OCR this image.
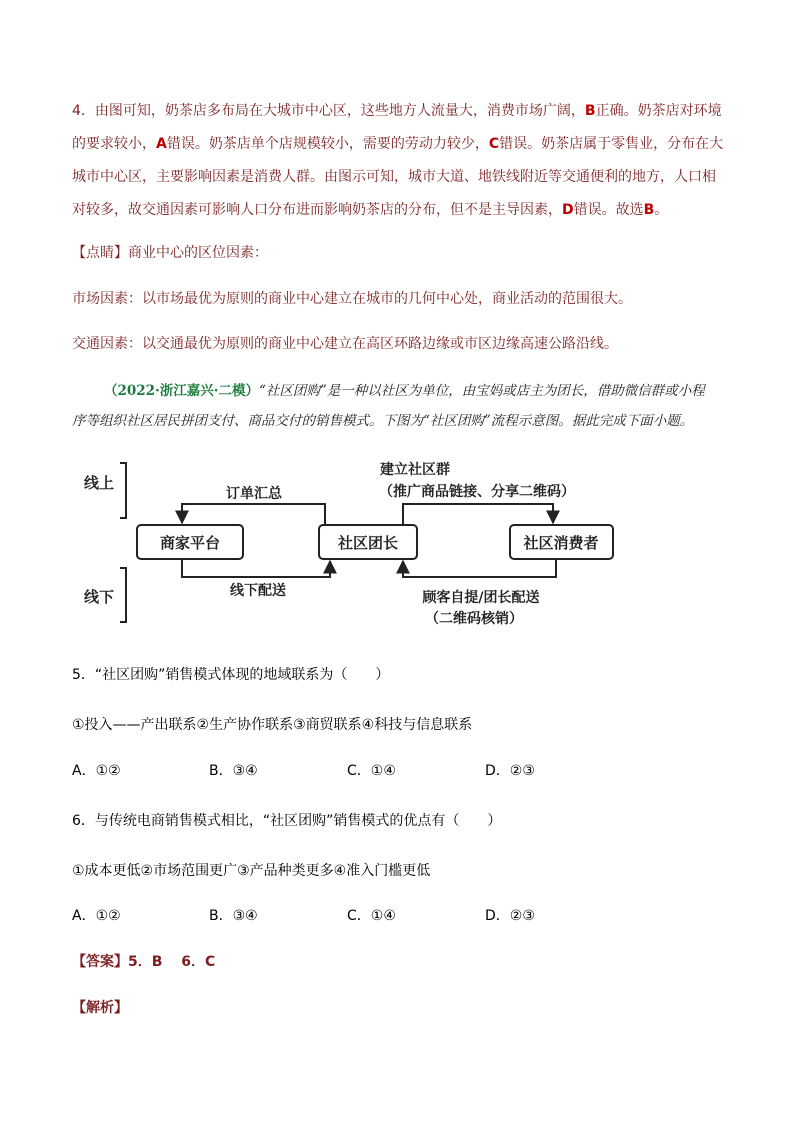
4．由图可知，奶茶店多布局在大城市中心区，这些地方人流量大，消费市场广阔，B正确。奶茶店对环境
的要求较小，A错误。奶茶店单个店规模较小，需要的劳动力较少，C错误。奶茶店属于零售业，分布在大
城市中心区，主要影响因素是消费人群。由图示可知，城市大道、地铁线附近等交通便利的地方，人口相
对较多，故交通因素可影响人口分布进而影响奶茶店的分布，但不是主导因素，D错误。故选B。
【点睛】商业中心的区位因素：
市场因素：以市场最优为原则的商业中心建立在城市的几何中心处，商业活动的范围很大。
交通因素：以交通最优为原则的商业中心建立在高区环路边缘或市区边缘高速公路沿线。
（2022·浙江嘉兴·二模）“社区团购”是一种以社区为单位，由宝妈或店主为团长，借助微信群或小程
序等组织社区居民拼团支付、商品交付的销售模式。下图为“社区团购”流程示意图。据此完成下面小题。
线上
线下
商家平台	社区团长	社区消费者
订单汇总
建立社区群
（推广商品链接、分享二维码）
线下配送	顾客自提/团长配送
（二维码核销）
5．“社区团购”销售模式体现的地域联系为（　　）
①投入——产出联系②生产协作联系③商贸联系④科技与信息联系
A．①②	B．③④	C．①④	D．②③
6．与传统电商销售模式相比，“社区团购”销售模式的优点有（　　）
①成本更低②市场范围更广③产品种类更多④准入门槛更低
A．①②	B．③④	C．①④	D．②③
【答案】5．B　 6．C
【解析】
